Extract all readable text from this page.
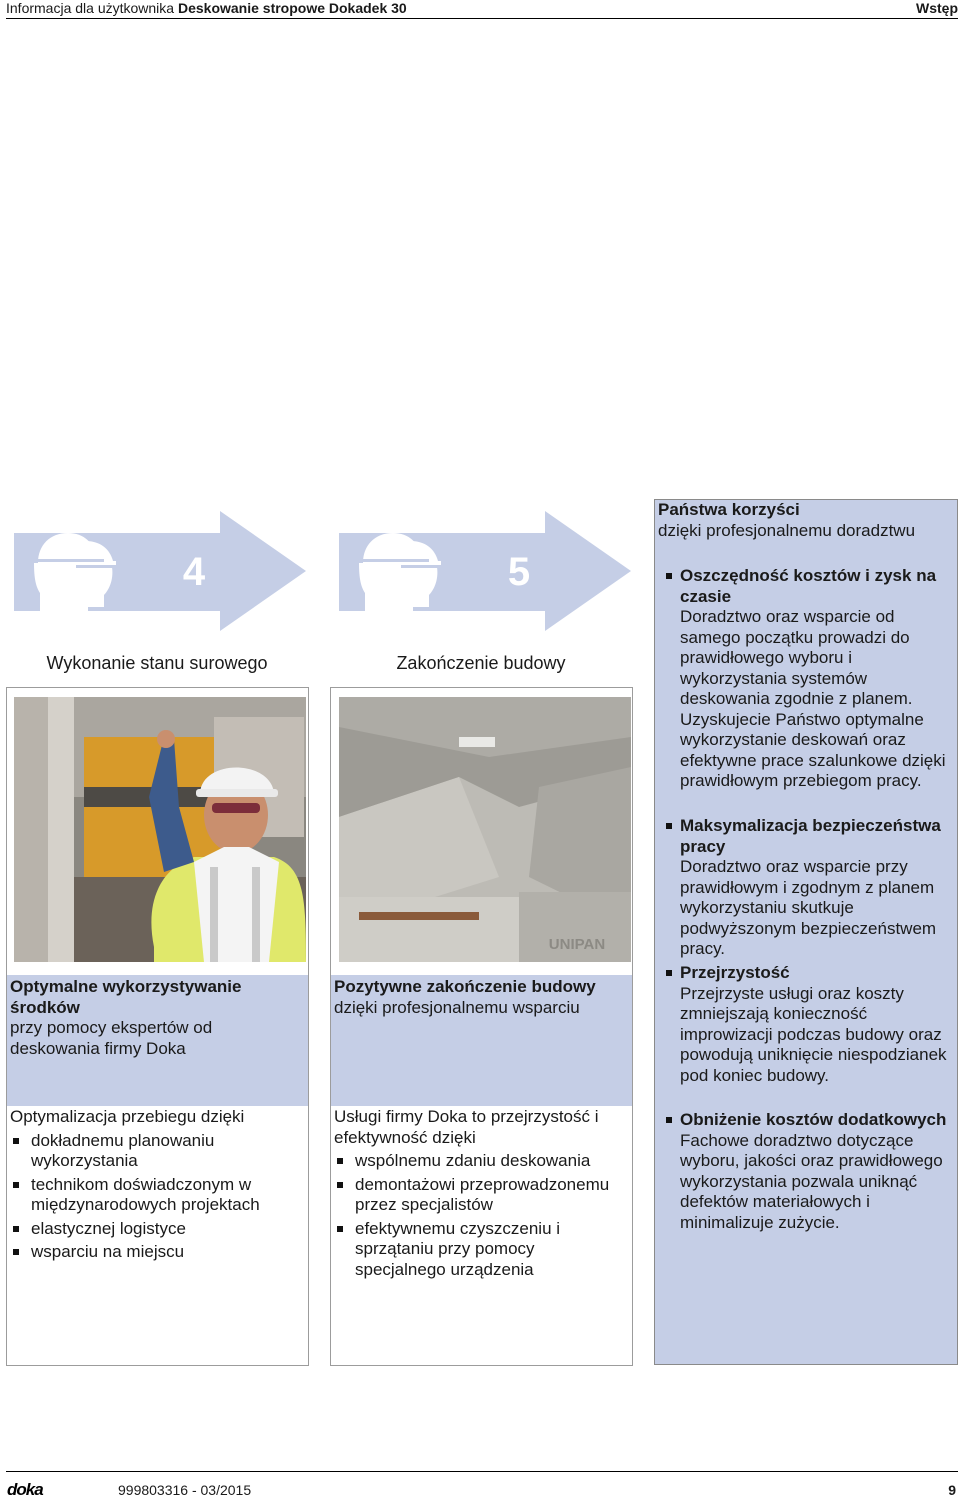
Informacja dla użytkownika Deskowanie stropowe Dokadek 30	Wstęp
4	5
Wykonanie stanu surowego	Zakończenie budowy
Optymalne wykorzystywanie środków
przy pomocy ekspertów od deskowania firmy Doka
Optymalizacja przebiegu dzięki
dokładnemu planowaniu wykorzystania
technikom doświadczonym w międzynarodowych projektach
elastycznej logistyce
wsparciu na miejscu
UNIPAN
Pozytywne zakończenie budowy
dzięki profesjonalnemu wsparciu
Usługi firmy Doka to przejrzystość i efektywność dzięki
wspólnemu zdaniu deskowania
demontażowi przeprowadzonemu przez specjalistów
efektywnemu czyszczeniu i sprzątaniu przy pomocy specjalnego urządzenia
Państwa korzyści
dzięki profesjonalnemu doradztwu
Oszczędność kosztów i zysk na czasie
Doradztwo oraz wsparcie od samego początku prowadzi do prawidłowego wyboru i wykorzystania systemów deskowania zgodnie z planem. Uzyskujecie Państwo optymalne wykorzystanie deskowań oraz efektywne prace szalunkowe dzięki prawidłowym przebiegom pracy.
Maksymalizacja bezpieczeństwa pracy
Doradztwo oraz wsparcie przy prawidłowym i zgodnym z planem wykorzystaniu skutkuje podwyższonym bezpieczeństwem pracy.
Przejrzystość
Przejrzyste usługi oraz koszty zmniejszają konieczność improwizacji podczas budowy oraz powodują uniknięcie niespodzianek pod koniec budowy.
Obniżenie kosztów dodatkowych
Fachowe doradztwo dotyczące wyboru, jakości oraz prawidłowego wykorzystania pozwala uniknąć defektów materiałowych i minimalizuje zużycie.
doka	999803316 - 03/2015	9
